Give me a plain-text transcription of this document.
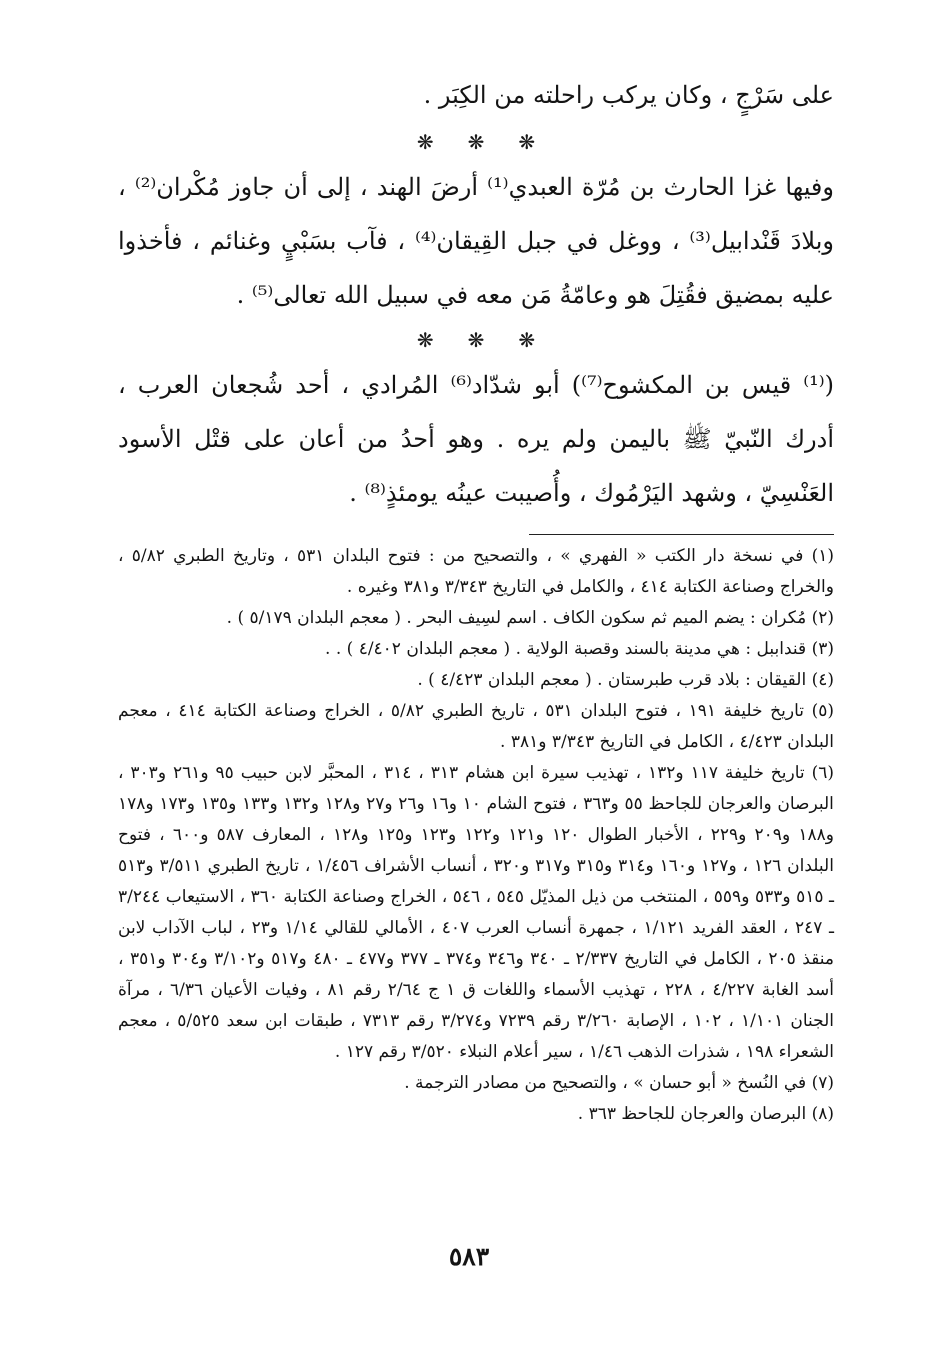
على سَرْجٍ ، وكان يركب راحلته من الكِبَر .

❋ ❋ ❋

وفيها غزا الحارث بن مُرّة العبدي⁽¹⁾ أرضَ الهند ، إلى أن جاوز مُكْران⁽²⁾ ، وبلادَ قَنْدابيل⁽³⁾ ، ووغل في جبل القِيقان⁽⁴⁾ ، فآب بسَبْيٍ وغنائم ، فأخذوا عليه بمضيق فقُتِلَ هو وعامّةُ مَن معه في سبيل الله تعالى⁽⁵⁾ .

❋ ❋ ❋

(⁽¹⁾ قيس بن المكشوح⁽⁷⁾) أبو شدّاد⁽⁶⁾ المُرادي ، أحد شُجعان العرب ، أدرك النّبيّ ﷺ باليمن ولم يره . وهو أحدُ من أعان على قتْل الأسود العَنْسِيّ ، وشهد اليَرْمُوك ، وأُصيبت عينُه يومئذٍ⁽⁸⁾ .

(١) في نسخة دار الكتب « الفهري » ، والتصحيح من : فتوح البلدان ٥٣١ ، وتاريخ الطبري ٥/٨٢ ، والخراج وصناعة الكتابة ٤١٤ ، والكامل في التاريخ ٣/٣٤٣ و٣٨١ وغيره .
(٢) مُكران : يضم الميم ثم سكون الكاف . اسم لسِيف البحر . ( معجم البلدان ٥/١٧٩ ) .
(٣) قنداببل : هي مدينة بالسند وقصبة الولاية . ( معجم البلدان ٤/٤٠٢ ) . .
(٤) القيقان : بلاد قرب طبرستان . ( معجم البلدان ٤/٤٢٣ ) .
(٥) تاريخ خليفة ١٩١ ، فتوح البلدان ٥٣١ ، تاريخ الطبري ٥/٨٢ ، الخراج وصناعة الكتابة ٤١٤ ، معجم البلدان ٤/٤٢٣ ، الكامل في التاريخ ٣/٣٤٣ و٣٨١ .
(٦) تاريخ خليفة ١١٧ و١٣٢ ، تهذيب سيرة ابن هشام ٣١٣ ، ٣١٤ ، المحبَّر لابن حبيب ٩٥ و٢٦١ و٣٠٣ ، البرصان والعرجان للجاحظ ٥٥ و٣٦٣ ، فتوح الشام ١٠ و١٦ و٢٦ و٢٧ و١٢٨ و١٣٢ و١٣٣ و١٣٥ و١٧٣ و١٧٨ و١٨٨ و٢٠٩ و٢٢٩ ، الأخبار الطوال ١٢٠ و١٢١ و١٢٢ و١٢٣ و١٢٥ و١٢٨ ، المعارف ٥٨٧ و٦٠٠ ، فتوح البلدان ١٢٦ ، و١٢٧ و١٦٠ و٣١٤ و٣١٥ و٣١٧ و٣٢٠ ، أنساب الأشراف ١/٤٥٦ ، تاريخ الطبري ٣/٥١١ و٥١٣ ـ ٥١٥ و٥٣٣ و٥٥٩ ، المنتخب من ذيل المذيّل ٥٤٥ ، ٥٤٦ ، الخراج وصناعة الكتابة ٣٦٠ ، الاستيعاب ٣/٢٤٤ ـ ٢٤٧ ، العقد الفريد ١/١٢١ ، جمهرة أنساب العرب ٤٠٧ ، الأمالي للقالي ١/١٤ و٢٣ ، لباب الآداب لابن منقذ ٢٠٥ ، الكامل في التاريخ ٢/٣٣٧ ـ ٣٤٠ و٣٤٦ و٣٧٤ ـ ٣٧٧ و٤٧٧ ـ ٤٨٠ و٥١٧ و٣/١٠٢ و٣٠٤ و٣٥١ ، أسد الغابة ٤/٢٢٧ ، ٢٢٨ ، تهذيب الأسماء واللغات ق ١ ج ٢/٦٤ رقم ٨١ ، وفيات الأعيان ٦/٣٦ ، مرآة الجنان ١/١٠١ ، ١٠٢ ، الإصابة ٣/٢٦٠ رقم ٧٢٣٩ و٣/٢٧٤ رقم ٧٣١٣ ، طبقات ابن سعد ٥/٥٢٥ ، معجم الشعراء ١٩٨ ، شذرات الذهب ١/٤٦ ، سير أعلام النبلاء ٣/٥٢٠ رقم ١٢٧ .
(٧) في النُسخ « أبو حسان » ، والتصحيح من مصادر الترجمة .
(٨) البرصان والعرجان للجاحظ ٣٦٣ .
٥٨٣
